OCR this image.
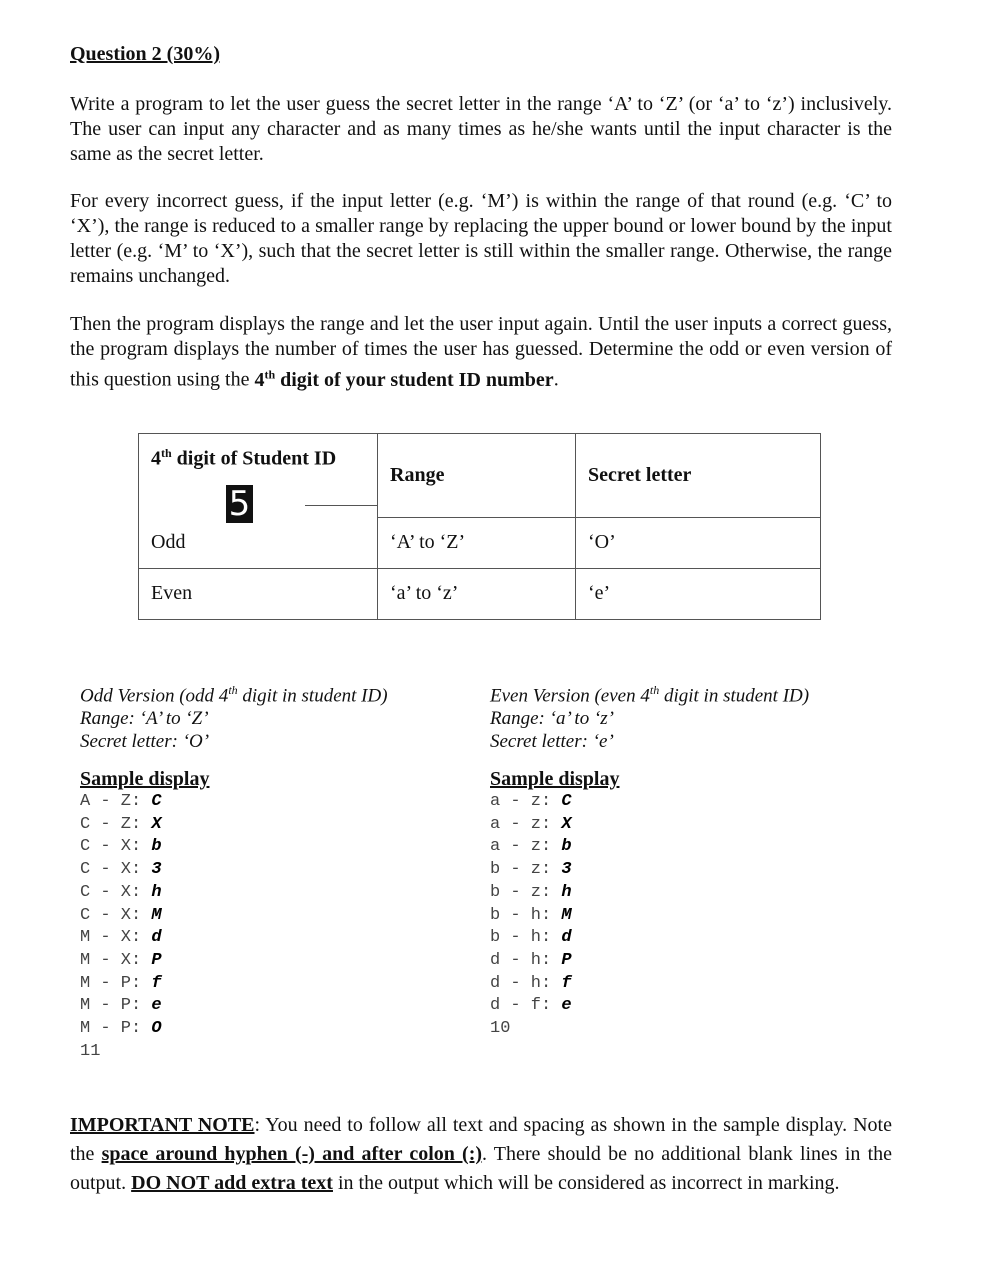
Question 2 (30%)

Write a program to let the user guess the secret letter in the range ‘A’ to ‘Z’ (or ‘a’ to ‘z’) inclusively. The user can input any character and as many times as he/she wants until the input character is the same as the secret letter.

For every incorrect guess, if the input letter (e.g. ‘M’) is within the range of that round (e.g. ‘C’ to ‘X’), the range is reduced to a smaller range by replacing the upper bound or lower bound by the input letter (e.g. ‘M’ to ‘X’), such that the secret letter is still within the smaller range. Otherwise, the range remains unchanged.

Then the program displays the range and let the user input again. Until the user inputs a correct guess, the program displays the number of times the user has guessed. Determine the odd or even version of this question using the 4th digit of your student ID number.

4th digit of Student ID	Range	Secret letter
Odd	‘A’ to ‘Z’	‘O’
Even	‘a’ to ‘z’	‘e’
5
Odd Version (odd 4th digit in student ID)
Range: ‘A’ to ‘Z’
Secret letter: ‘O’
Even Version (even 4th digit in student ID)
Range: ‘a’ to ‘z’
Secret letter: ‘e’
Sample display
A - Z: C
C - Z: X
C - X: b
C - X: 3
C - X: h
C - X: M
M - X: d
M - X: P
M - P: f
M - P: e
M - P: O
11
Sample display
a - z: C
a - z: X
a - z: b
b - z: 3
b - z: h
b - h: M
b - h: d
d - h: P
d - h: f
d - f: e
10
IMPORTANT NOTE: You need to follow all text and spacing as shown in the sample display. Note the space around hyphen (-) and after colon (:). There should be no additional blank lines in the output. DO NOT add extra text in the output which will be considered as incorrect in marking.
